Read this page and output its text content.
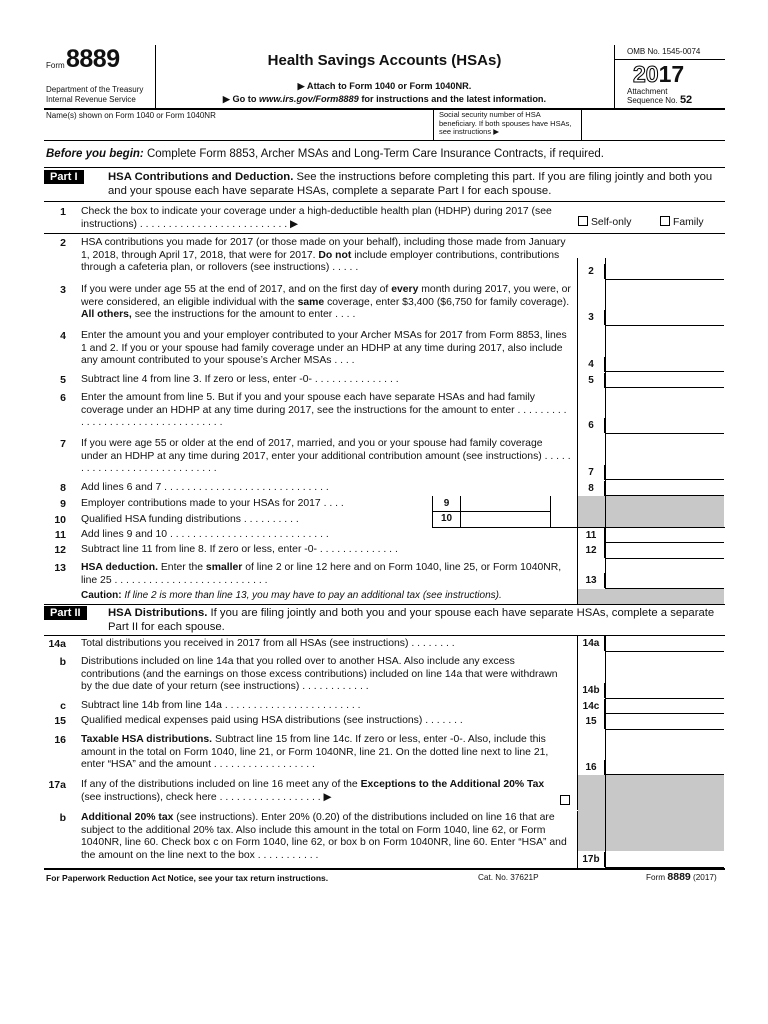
Form 8889
Department of the Treasury
Internal Revenue Service
Health Savings Accounts (HSAs)
▶ Attach to Form 1040 or Form 1040NR.
▶ Go to www.irs.gov/Form8889 for instructions and the latest information.
OMB No. 1545-0074
2017
Attachment
Sequence No. 52
Name(s) shown on Form 1040 or Form 1040NR	Social security number of HSA beneficiary. If both spouses have HSAs, see instructions ▶
Before you begin: Complete Form 8853, Archer MSAs and Long-Term Care Insurance Contracts, if required.
Part I	HSA Contributions and Deduction. See the instructions before completing this part. If you are filing jointly and both you and your spouse each have separate HSAs, complete a separate Part I for each spouse.
1 Check the box to indicate your coverage under a high-deductible health plan (HDHP) during 2017 (see instructions) . . . . . . . . . . . . . . . . . . . . . . . . . . ▶	Self-only	Family
2 HSA contributions you made for 2017 (or those made on your behalf), including those made from January 1, 2018, through April 17, 2018, that were for 2017. Do not include employer contributions, contributions through a cafeteria plan, or rollovers (see instructions) . . . . .	2
3 If you were under age 55 at the end of 2017, and on the first day of every month during 2017, you were, or were considered, an eligible individual with the same coverage, enter $3,400 ($6,750 for family coverage). All others, see the instructions for the amount to enter . . . .	3
4 Enter the amount you and your employer contributed to your Archer MSAs for 2017 from Form 8853, lines 1 and 2. If you or your spouse had family coverage under an HDHP at any time during 2017, also include any amount contributed to your spouse’s Archer MSAs . . . .	4
5 Subtract line 4 from line 3. If zero or less, enter -0- . . . . . . . . . . . . . . .	5
6 Enter the amount from line 5. But if you and your spouse each have separate HSAs and had family coverage under an HDHP at any time during 2017, see the instructions for the amount to enter . . . . . . . . . . . . . . . . . . . . . . . . . . . . . . . . . .	6
7 If you were age 55 or older at the end of 2017, married, and you or your spouse had family coverage under an HDHP at any time during 2017, enter your additional contribution amount (see instructions) . . . . . . . . . . . . . . . . . . . . . . . . . . . . .	7
8 Add lines 6 and 7 . . . . . . . . . . . . . . . . . . . . . . . . . . . . .	8
9 Employer contributions made to your HSAs for 2017 . . . .	9
10 Qualified HSA funding distributions . . . . . . . . . .	10
11 Add lines 9 and 10 . . . . . . . . . . . . . . . . . . . . . . . . . . . .	11
12 Subtract line 11 from line 8. If zero or less, enter -0- . . . . . . . . . . . . . .	12
13 HSA deduction. Enter the smaller of line 2 or line 12 here and on Form 1040, line 25, or Form 1040NR, line 25 . . . . . . . . . . . . . . . . . . . . . . . . . . .	13
Caution: If line 2 is more than line 13, you may have to pay an additional tax (see instructions).
Part II	HSA Distributions. If you are filing jointly and both you and your spouse each have separate HSAs, complete a separate Part II for each spouse.
14a Total distributions you received in 2017 from all HSAs (see instructions) . . . . . . . .	14a
b Distributions included on line 14a that you rolled over to another HSA. Also include any excess contributions (and the earnings on those excess contributions) included on line 14a that were withdrawn by the due date of your return (see instructions) . . . . . . . . . . . .	14b
c Subtract line 14b from line 14a . . . . . . . . . . . . . . . . . . . . . . . .	14c
15 Qualified medical expenses paid using HSA distributions (see instructions) . . . . . . .	15
16 Taxable HSA distributions. Subtract line 15 from line 14c. If zero or less, enter -0-. Also, include this amount in the total on Form 1040, line 21, or Form 1040NR, line 21. On the dotted line next to line 21, enter “HSA” and the amount . . . . . . . . . . . . . . . . . .	16
17a If any of the distributions included on line 16 meet any of the Exceptions to the Additional 20% Tax (see instructions), check here . . . . . . . . . . . . . . . . . . ▶
b Additional 20% tax (see instructions). Enter 20% (0.20) of the distributions included on line 16 that are subject to the additional 20% tax. Also include this amount in the total on Form 1040, line 62, or Form 1040NR, line 60. Check box c on Form 1040, line 62, or box b on Form 1040NR, line 60. Enter “HSA” and the amount on the line next to the box . . . . . . . . . . .	17b
For Paperwork Reduction Act Notice, see your tax return instructions.	Cat. No. 37621P	Form 8889 (2017)
